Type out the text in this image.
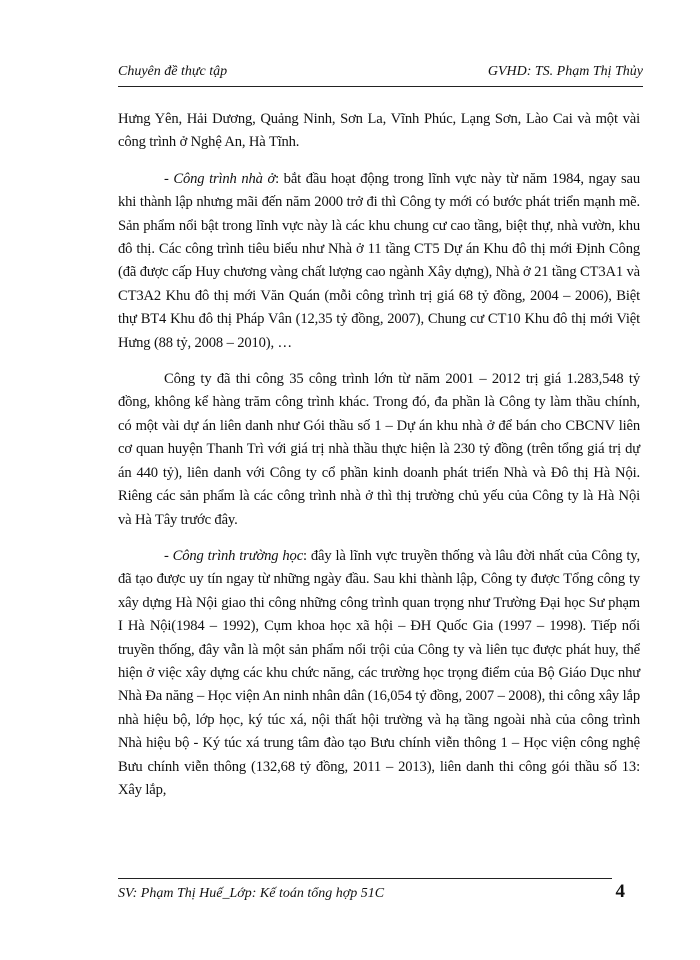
Chuyên đề thực tập	GVHD: TS. Phạm Thị Thủy

Hưng Yên, Hải Dương, Quảng Ninh, Sơn La, Vĩnh Phúc, Lạng Sơn, Lào Cai và một vài công trình ở Nghệ An, Hà Tĩnh.

- Công trình nhà ở: bắt đầu hoạt động trong lĩnh vực này từ năm 1984, ngay sau khi thành lập nhưng mãi đến năm 2000 trở đi thì Công ty mới có bước phát triển mạnh mẽ. Sản phẩm nổi bật trong lĩnh vực này là các khu chung cư cao tầng, biệt thự, nhà vườn, khu đô thị. Các công trình tiêu biểu như Nhà ở 11 tầng CT5 Dự án Khu đô thị mới Định Công (đã được cấp Huy chương vàng chất lượng cao ngành Xây dựng), Nhà ở 21 tầng CT3A1 và CT3A2 Khu đô thị mới Văn Quán (mỗi công trình trị giá 68 tỷ đồng, 2004 – 2006), Biệt thự BT4 Khu đô thị Pháp Vân (12,35 tỷ đồng, 2007), Chung cư CT10 Khu đô thị mới Việt Hưng (88 tỷ, 2008 – 2010), …

Công ty đã thi công 35 công trình lớn từ năm 2001 – 2012 trị giá 1.283,548 tỷ đồng, không kể hàng trăm công trình khác. Trong đó, đa phần là Công ty làm thầu chính, có một vài dự án liên danh như Gói thầu số 1 – Dự án khu nhà ở để bán cho CBCNV liên cơ quan huyện Thanh Trì với giá trị nhà thầu thực hiện là 230 tỷ đồng (trên tổng giá trị dự án 440 tỷ), liên danh với Công ty cổ phần kinh doanh phát triển Nhà và Đô thị Hà Nội. Riêng các sản phẩm là các công trình nhà ở thì thị trường chủ yếu của Công ty là Hà Nội và Hà Tây trước đây.

- Công trình trường học: đây là lĩnh vực truyền thống và lâu đời nhất của Công ty, đã tạo được uy tín ngay từ những ngày đầu. Sau khi thành lập, Công ty được Tổng công ty xây dựng Hà Nội giao thi công những công trình quan trọng như Trường Đại học Sư phạm I Hà Nội(1984 – 1992), Cụm khoa học xã hội – ĐH Quốc Gia (1997 – 1998). Tiếp nối truyền thống, đây vẫn là một sản phẩm nổi trội của Công ty và liên tục được phát huy, thể hiện ở việc xây dựng các khu chức năng, các trường học trọng điểm của Bộ Giáo Dục như Nhà Đa năng – Học viện An ninh nhân dân (16,054 tỷ đồng, 2007 – 2008), thi công xây lắp nhà hiệu bộ, lớp học, ký túc xá, nội thất hội trường và hạ tầng ngoài nhà của công trình Nhà hiệu bộ - Ký túc xá trung tâm đào tạo Bưu chính viễn thông 1 – Học viện công nghệ Bưu chính viễn thông (132,68 tỷ đồng, 2011 – 2013), liên danh thi công gói thầu số 13: Xây lắp,

SV: Phạm Thị Huế_Lớp: Kế toán tổng hợp 51C	4
